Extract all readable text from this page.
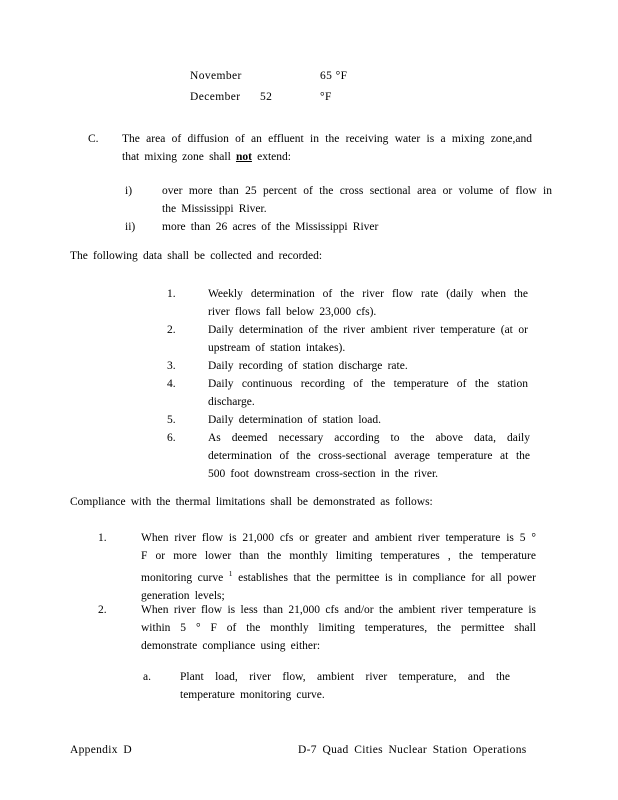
November	65 °F
December	52	°F
C. The area of diffusion of an effluent in the receiving water is a mixing zone,and that mixing zone shall not extend:
i)	over more than 25 percent of the cross sectional area or volume of flow in the Mississippi River.
ii) more than 26 acres of the Mississippi River
The following data shall be collected and recorded:
1.	Weekly determination of the river flow rate (daily when the river flows fall below 23,000 cfs).
2.	Daily determination of the river ambient river temperature (at or upstream of station intakes).
3.	Daily recording of station discharge rate.
4.	Daily continuous recording of the temperature of the station discharge.
5.	Daily determination of station load.
6.	As deemed necessary according to the above data, daily determination of the cross-sectional average temperature at the 500 foot downstream cross-section in the river.
Compliance with the thermal limitations shall be demonstrated as follows:
1.	When river flow is 21,000 cfs or greater and ambient river temperature is 5 ° F or more lower than the monthly limiting temperatures , the temperature monitoring curve $^1$ establishes that the permittee is in compliance for all power generation levels;
2.	When river flow is less than 21,000 cfs and/or the ambient river temperature is within 5 ° F of the monthly limiting temperatures, the permittee shall demonstrate compliance using either:
a.	Plant load, river flow, ambient river temperature, and the temperature monitoring curve.
Appendix D	D-7 Quad Cities Nuclear Station Operations
